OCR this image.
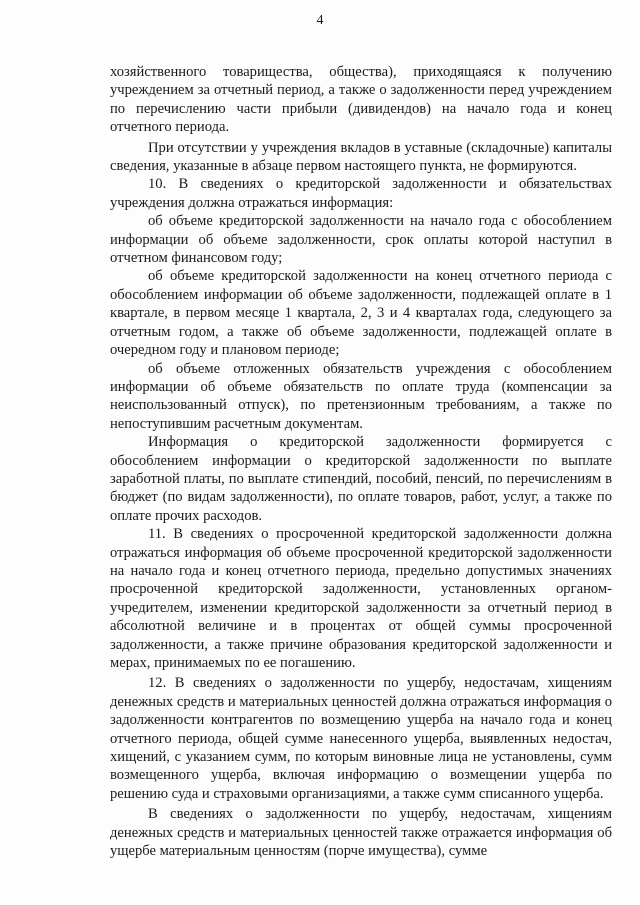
4

хозяйственного товарищества, общества), приходящаяся к получению учреждением за отчетный период, а также о задолженности перед учреждением по перечислению части прибыли (дивидендов) на начало года и конец отчетного периода.

При отсутствии у учреждения вкладов в уставные (складочные) капиталы сведения, указанные в абзаце первом настоящего пункта, не формируются.

10. В сведениях о кредиторской задолженности и обязательствах учреждения должна отражаться информация:

об объеме кредиторской задолженности на начало года с обособлением информации об объеме задолженности, срок оплаты которой наступил в отчетном финансовом году;

об объеме кредиторской задолженности на конец отчетного периода с обособлением информации об объеме задолженности, подлежащей оплате в 1 квартале, в первом месяце 1 квартала, 2, 3 и 4 кварталах года, следующего за отчетным годом, а также об объеме задолженности, подлежащей оплате в очередном году и плановом периоде;

об объеме отложенных обязательств учреждения с обособлением информации об объеме обязательств по оплате труда (компенсации за неиспользованный отпуск), по претензионным требованиям, а также по непоступившим расчетным документам.

Информация о кредиторской задолженности формируется с обособлением информации о кредиторской задолженности по выплате заработной платы, по выплате стипендий, пособий, пенсий, по перечислениям в бюджет (по видам задолженности), по оплате товаров, работ, услуг, а также по оплате прочих расходов.

11. В сведениях о просроченной кредиторской задолженности должна отражаться информация об объеме просроченной кредиторской задолженности на начало года и конец отчетного периода, предельно допустимых значениях просроченной кредиторской задолженности, установленных органом-учредителем, изменении кредиторской задолженности за отчетный период в абсолютной величине и в процентах от общей суммы просроченной задолженности, а также причине образования кредиторской задолженности и мерах, принимаемых по ее погашению.

12. В сведениях о задолженности по ущербу, недостачам, хищениям денежных средств и материальных ценностей должна отражаться информация о задолженности контрагентов по возмещению ущерба на начало года и конец отчетного периода, общей сумме нанесенного ущерба, выявленных недостач, хищений, с указанием сумм, по которым виновные лица не установлены, сумм возмещенного ущерба, включая информацию о возмещении ущерба по решению суда и страховыми организациями, а также сумм списанного ущерба.

В сведениях о задолженности по ущербу, недостачам, хищениям денежных средств и материальных ценностей также отражается информация об ущербе материальным ценностям (порче имущества), сумме
